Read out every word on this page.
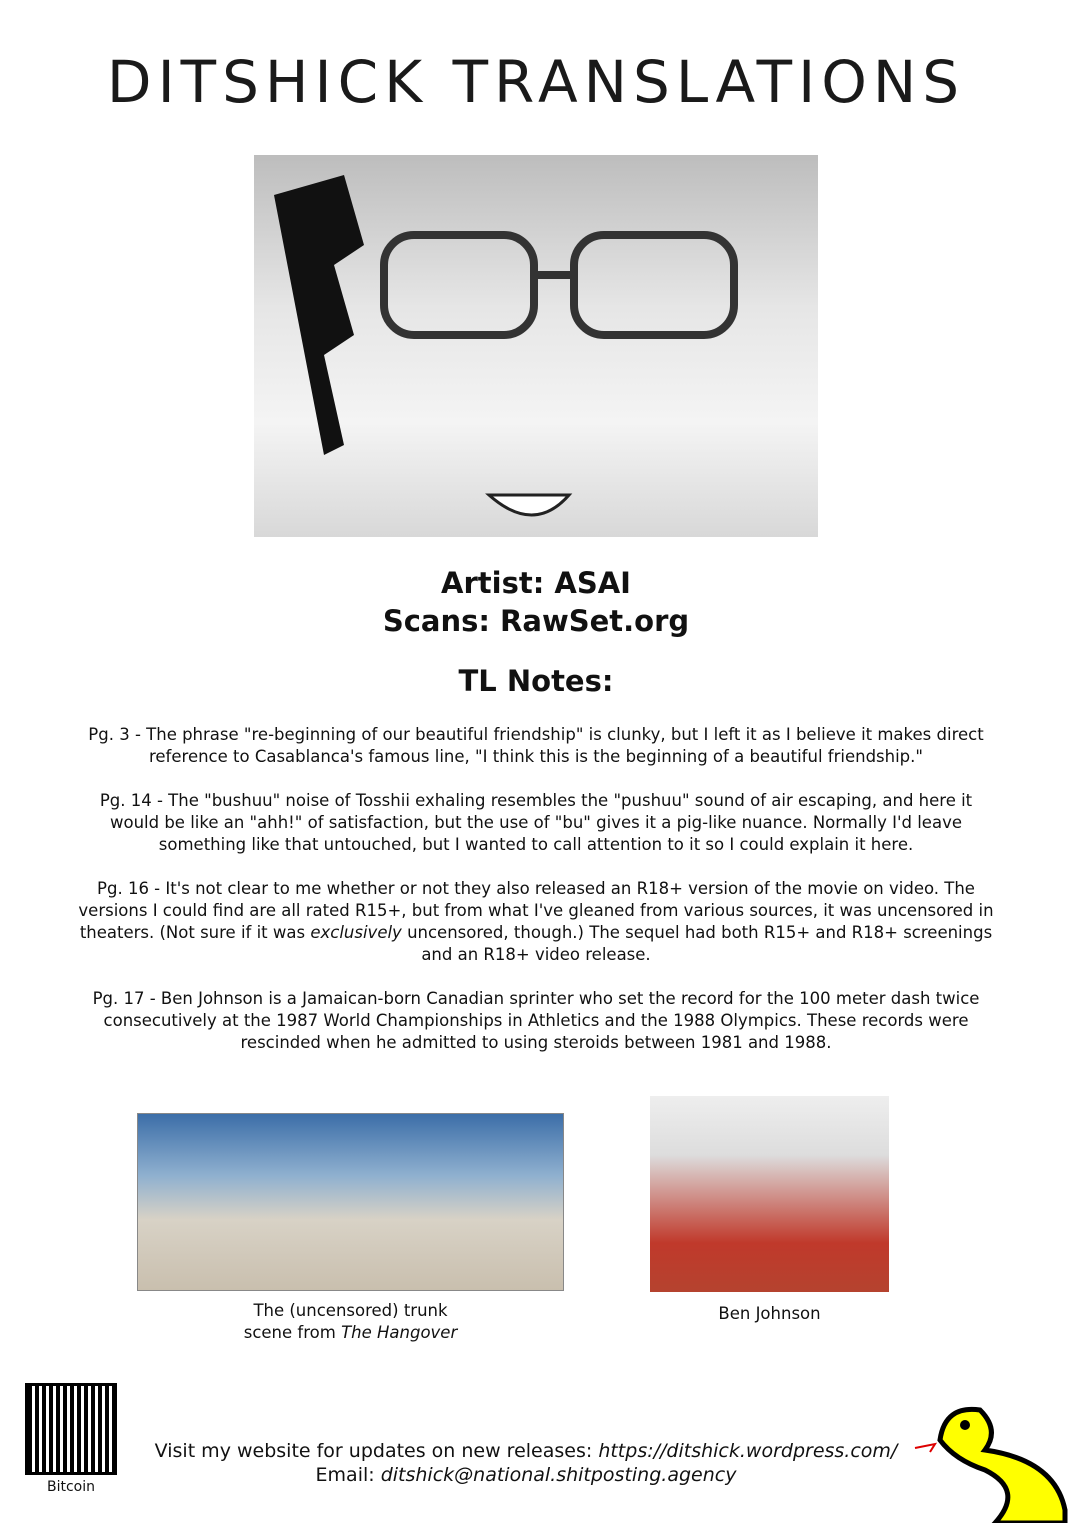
DITSHICK TRANSLATIONS
Artist: ASAI
Scans: RawSet.org
TL Notes:

Pg. 3 - The phrase "re-beginning of our beautiful friendship" is clunky, but I left it as I believe it makes direct reference to Casablanca's famous line, "I think this is the beginning of a beautiful friendship."

Pg. 14 - The "bushuu" noise of Tosshii exhaling resembles the "pushuu" sound of air escaping, and here it would be like an "ahh!" of satisfaction, but the use of "bu" gives it a pig-like nuance. Normally I'd leave something like that untouched, but I wanted to call attention to it so I could explain it here.

Pg. 16 - It's not clear to me whether or not they also released an R18+ version of the movie on video. The versions I could find are all rated R15+, but from what I've gleaned from various sources, it was uncensored in theaters. (Not sure if it was exclusively uncensored, though.) The sequel had both R15+ and R18+ screenings and an R18+ video release.

Pg. 17 - Ben Johnson is a Jamaican-born Canadian sprinter who set the record for the 100 meter dash twice consecutively at the 1987 World Championships in Athletics and the 1988 Olympics. These records were rescinded when he admitted to using steroids between 1981 and 1988.

The (uncensored) trunk
scene from The Hangover
Ben Johnson
Bitcoin
Visit my website for updates on new releases: https://ditshick.wordpress.com/
Email: ditshick@national.shitposting.agency
